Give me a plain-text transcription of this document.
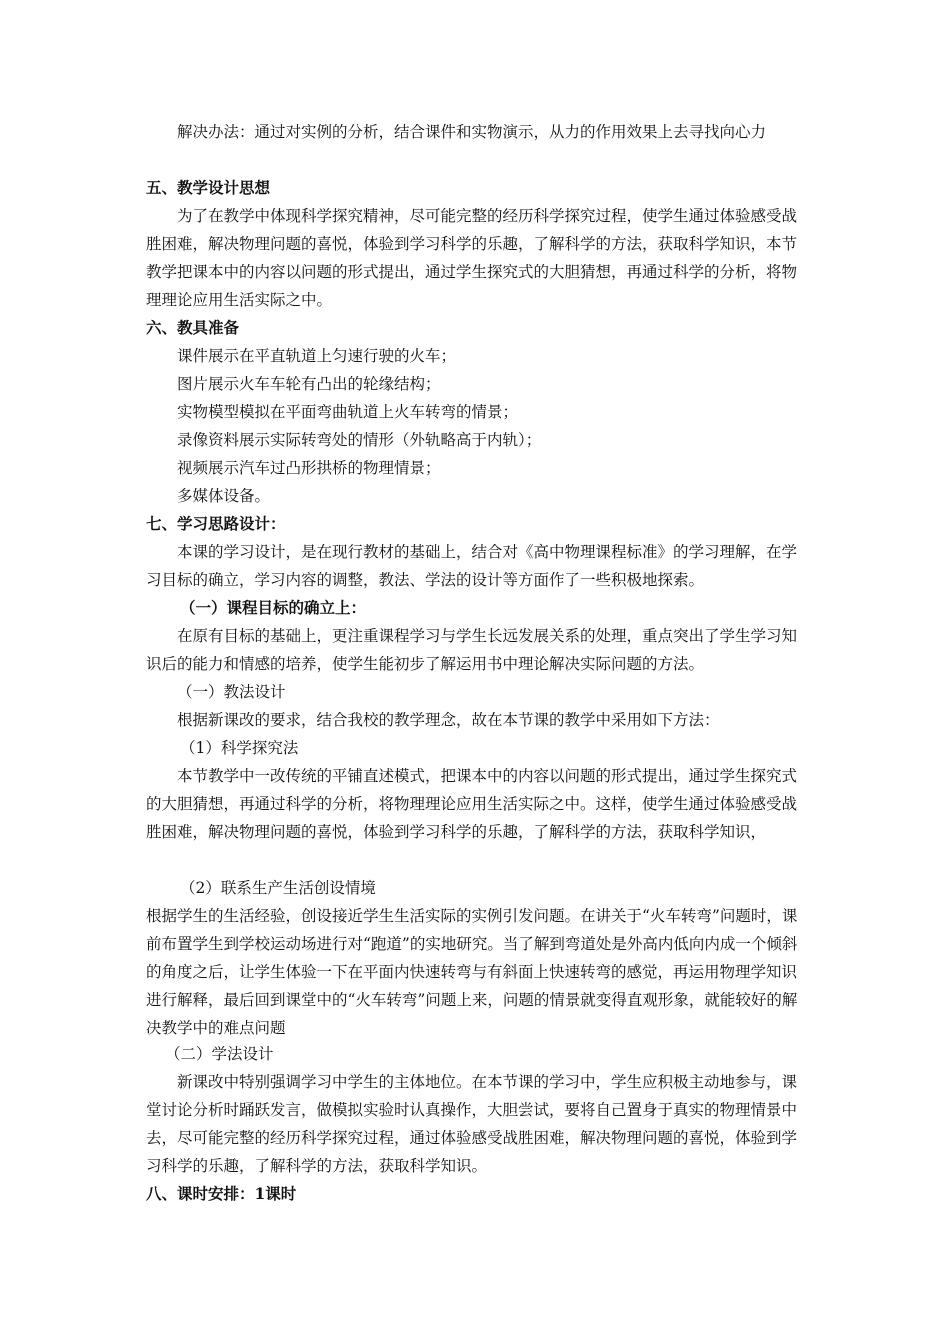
解决办法：通过对实例的分析，结合课件和实物演示，从力的作用效果上去寻找向心力

五、教学设计思想

为了在教学中体现科学探究精神，尽可能完整的经历科学探究过程，使学生通过体验感受战胜困难，解决物理问题的喜悦，体验到学习科学的乐趣，了解科学的方法，获取科学知识，本节教学把课本中的内容以问题的形式提出，通过学生探究式的大胆猜想，再通过科学的分析，将物理理论应用生活实际之中。

六、教具准备

课件展示在平直轨道上匀速行驶的火车；

图片展示火车车轮有凸出的轮缘结构；

实物模型模拟在平面弯曲轨道上火车转弯的情景；

录像资料展示实际转弯处的情形（外轨略高于内轨）；

视频展示汽车过凸形拱桥的物理情景；

多媒体设备。

七、学习思路设计：

本课的学习设计，是在现行教材的基础上，结合对《高中物理课程标准》的学习理解，在学习目标的确立，学习内容的调整，教法、学法的设计等方面作了一些积极地探索。

（一）课程目标的确立上：

在原有目标的基础上，更注重课程学习与学生长远发展关系的处理，重点突出了学生学习知识后的能力和情感的培养，使学生能初步了解运用书中理论解决实际问题的方法。

（一）教法设计

根据新课改的要求，结合我校的教学理念，故在本节课的教学中采用如下方法：

（1）科学探究法

本节教学中一改传统的平铺直述模式，把课本中的内容以问题的形式提出，通过学生探究式的大胆猜想，再通过科学的分析，将物理理论应用生活实际之中。这样，使学生通过体验感受战胜困难，解决物理问题的喜悦，体验到学习科学的乐趣，了解科学的方法，获取科学知识，

（2）联系生产生活创设情境

根据学生的生活经验，创设接近学生生活实际的实例引发问题。在讲关于“火车转弯”问题时，课前布置学生到学校运动场进行对“跑道”的实地研究。当了解到弯道处是外高内低向内成一个倾斜的角度之后，让学生体验一下在平面内快速转弯与有斜面上快速转弯的感觉，再运用物理学知识进行解释，最后回到课堂中的“火车转弯”问题上来，问题的情景就变得直观形象，就能较好的解决教学中的难点问题

（二）学法设计

新课改中特别强调学习中学生的主体地位。在本节课的学习中，学生应积极主动地参与，课堂讨论分析时踊跃发言，做模拟实验时认真操作，大胆尝试，要将自己置身于真实的物理情景中去，尽可能完整的经历科学探究过程，通过体验感受战胜困难，解决物理问题的喜悦，体验到学习科学的乐趣，了解科学的方法，获取科学知识。

八、课时安排：1课时
